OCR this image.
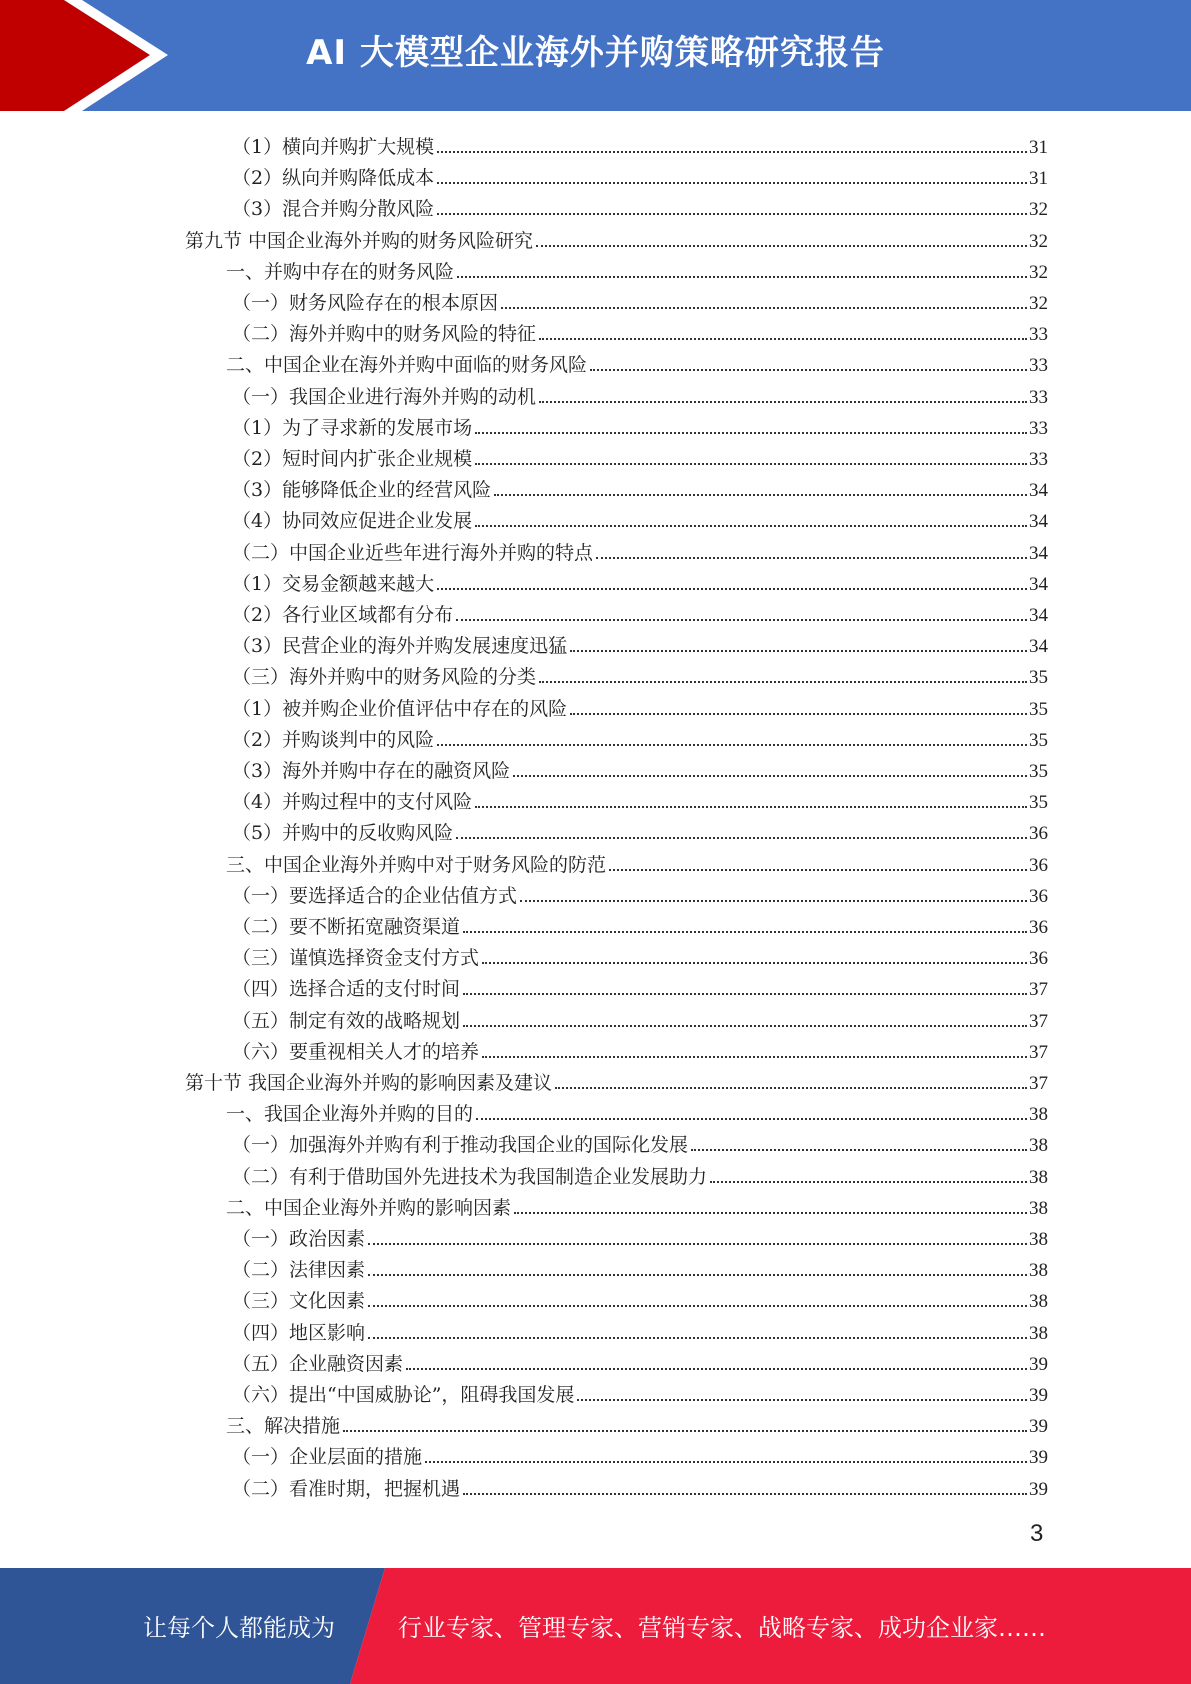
AI 大模型企业海外并购策略研究报告
（1）横向并购扩大规模	31
（2）纵向并购降低成本	31
（3）混合并购分散风险	32
第九节 中国企业海外并购的财务风险研究	32
一、并购中存在的财务风险	32
（一）财务风险存在的根本原因	32
（二）海外并购中的财务风险的特征	33
二、中国企业在海外并购中面临的财务风险	33
（一）我国企业进行海外并购的动机	33
（1）为了寻求新的发展市场	33
（2）短时间内扩张企业规模	33
（3）能够降低企业的经营风险	34
（4）协同效应促进企业发展	34
（二）中国企业近些年进行海外并购的特点	34
（1）交易金额越来越大	34
（2）各行业区域都有分布	34
（3）民营企业的海外并购发展速度迅猛	34
（三）海外并购中的财务风险的分类	35
（1）被并购企业价值评估中存在的风险	35
（2）并购谈判中的风险	35
（3）海外并购中存在的融资风险	35
（4）并购过程中的支付风险	35
（5）并购中的反收购风险	36
三、中国企业海外并购中对于财务风险的防范	36
（一）要选择适合的企业估值方式	36
（二）要不断拓宽融资渠道	36
（三）谨慎选择资金支付方式	36
（四）选择合适的支付时间	37
（五）制定有效的战略规划	37
（六）要重视相关人才的培养	37
第十节 我国企业海外并购的影响因素及建议	37
一、我国企业海外并购的目的	38
（一）加强海外并购有利于推动我国企业的国际化发展	38
（二）有利于借助国外先进技术为我国制造企业发展助力	38
二、中国企业海外并购的影响因素	38
（一）政治因素	38
（二）法律因素	38
（三）文化因素	38
（四）地区影响	38
（五）企业融资因素	39
（六）提出“中国威胁论”，阻碍我国发展	39
三、解决措施	39
（一）企业层面的措施	39
（二）看准时期，把握机遇	39
3
让每个人都能成为	行业专家、管理专家、营销专家、战略专家、成功企业家……
